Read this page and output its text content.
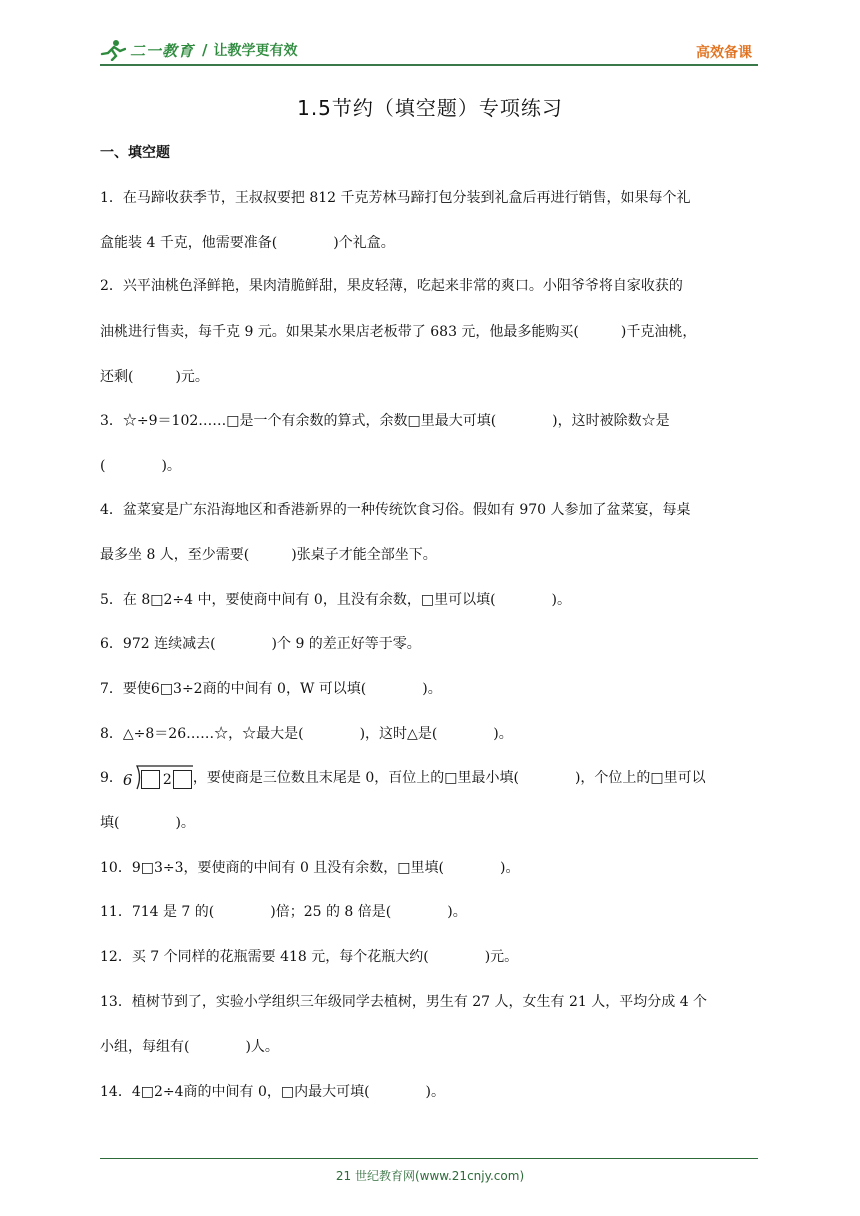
二一教育 / 让教学更有效	高效备课
1.5节约（填空题）专项练习
一、填空题
1．在马蹄收获季节，王叔叔要把 812 千克芳林马蹄打包分装到礼盒后再进行销售，如果每个礼
盒能装 4 千克，他需要准备(　　　　)个礼盒。
2．兴平油桃色泽鲜艳，果肉清脆鲜甜，果皮轻薄，吃起来非常的爽口。小阳爷爷将自家收获的
油桃进行售卖，每千克 9 元。如果某水果店老板带了 683 元，他最多能购买(　　　)千克油桃，
还剩(　　　)元。
3．☆÷9＝102……□是一个有余数的算式，余数□里最大可填(　　　　)，这时被除数☆是
(　　　　)。
4．盆菜宴是广东沿海地区和香港新界的一种传统饮食习俗。假如有 970 人参加了盆菜宴，每桌
最多坐 8 人，至少需要(　　　)张桌子才能全部坐下。
5．在 8□2÷4 中，要使商中间有 0，且没有余数，□里可以填(　　　　)。
6．972 连续减去(　　　　)个 9 的差正好等于零。
7．要使6□3÷2商的中间有 0，W 可以填(　　　　)。
8．△÷8＝26……☆，☆最大是(　　　　)，这时△是(　　　　)。
9． 6 2 ，要使商是三位数且末尾是 0，百位上的□里最小填(　　　　)，个位上的□里可以
填(　　　　)。
10．9□3÷3，要使商的中间有 0 且没有余数，□里填(　　　　)。
11．714 是 7 的(　　　　)倍；25 的 8 倍是(　　　　)。
12．买 7 个同样的花瓶需要 418 元，每个花瓶大约(　　　　)元。
13．植树节到了，实验小学组织三年级同学去植树，男生有 27 人，女生有 21 人，平均分成 4 个
小组，每组有(　　　　)人。
14．4□2÷4商的中间有 0，□内最大可填(　　　　)。
21 世纪教育网(www.21cnjy.com)
